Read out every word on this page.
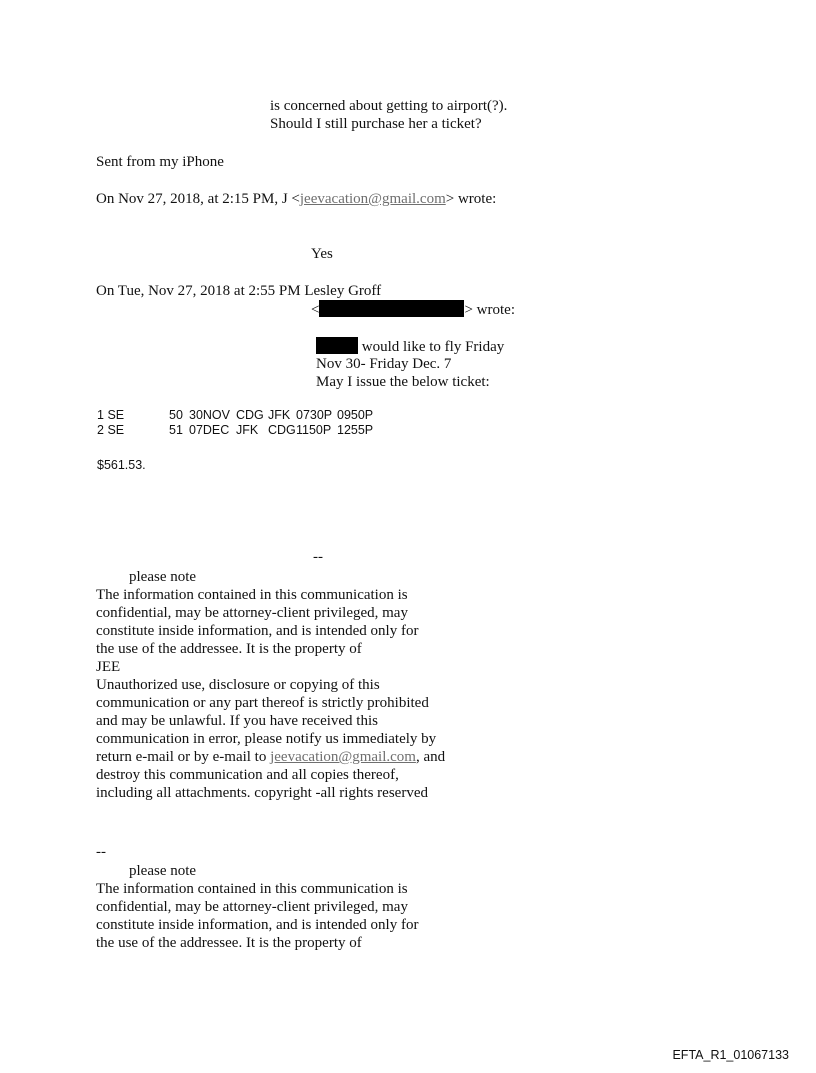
is concerned about getting to airport(?).
Should I still purchase her a ticket?
Sent from my iPhone
On Nov 27, 2018, at 2:15 PM, J <jeevacation@gmail.com> wrote:
Yes
On Tue, Nov 27, 2018 at 2:55 PM Lesley Groff
<	> wrote:
would like to fly Friday
Nov 30- Friday Dec. 7
May I issue the below ticket:
1 SE	50 30NOV CDG JFK 0730P 0950P
2 SE	51 07DEC JFK CDG1150P 1255P
$561.53.
--
please note
The information contained in this communication is
confidential, may be attorney-client privileged, may
constitute inside information, and is intended only for
the use of the addressee. It is the property of
JEE
Unauthorized use, disclosure or copying of this
communication or any part thereof is strictly prohibited
and may be unlawful. If you have received this
communication in error, please notify us immediately by
return e-mail or by e-mail to jeevacation@gmail.com, and
destroy this communication and all copies thereof,
including all attachments. copyright -all rights reserved
--
please note
The information contained in this communication is
confidential, may be attorney-client privileged, may
constitute inside information, and is intended only for
the use of the addressee. It is the property of
EFTA_R1_01067133
